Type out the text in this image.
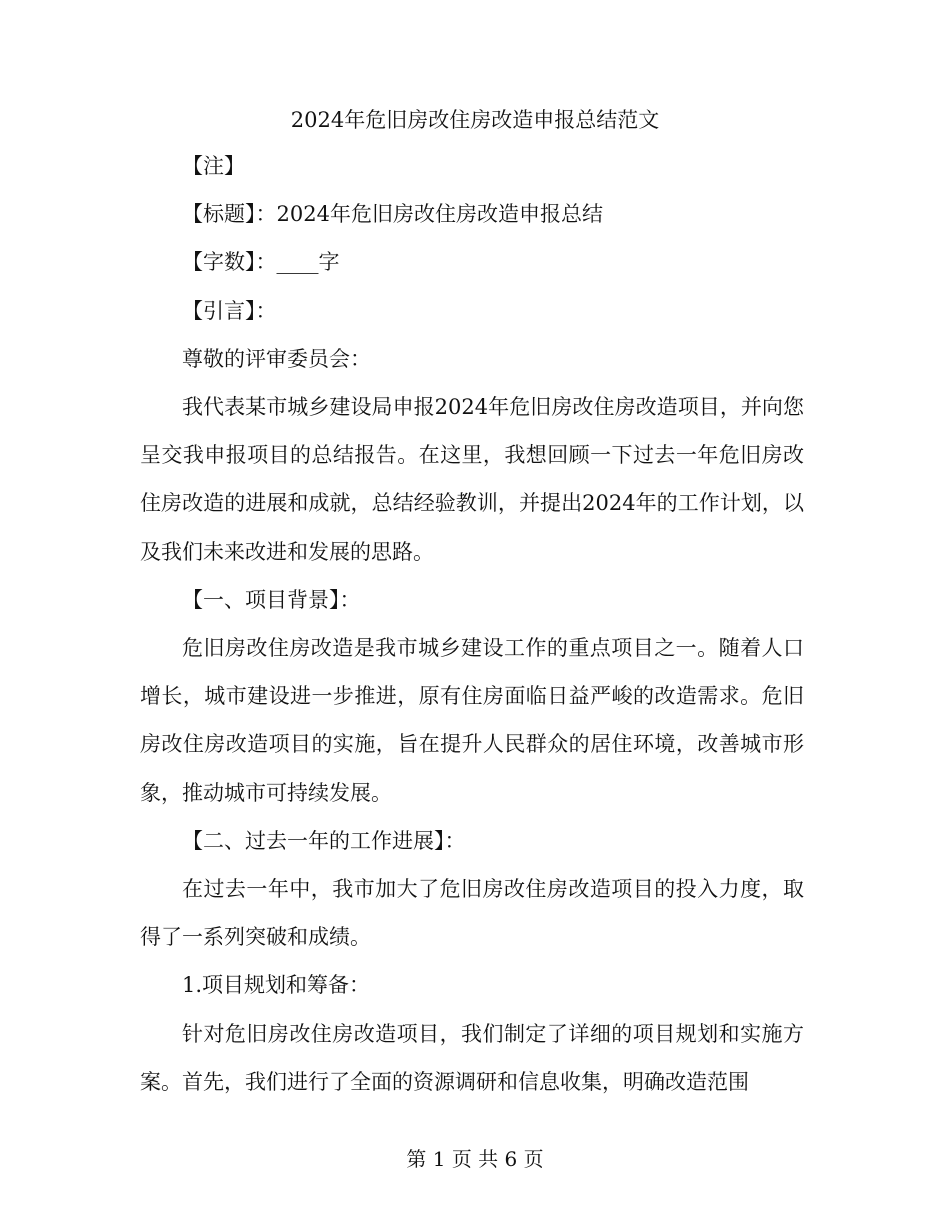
2024年危旧房改住房改造申报总结范文

【注】

【标题】：2024年危旧房改住房改造申报总结

【字数】：____字

【引言】：

尊敬的评审委员会：

我代表某市城乡建设局申报2024年危旧房改住房改造项目，并向您呈交我申报项目的总结报告。在这里，我想回顾一下过去一年危旧房改住房改造的进展和成就，总结经验教训，并提出2024年的工作计划，以及我们未来改进和发展的思路。

【一、项目背景】：

危旧房改住房改造是我市城乡建设工作的重点项目之一。随着人口增长，城市建设进一步推进，原有住房面临日益严峻的改造需求。危旧房改住房改造项目的实施，旨在提升人民群众的居住环境，改善城市形象，推动城市可持续发展。

【二、过去一年的工作进展】：

在过去一年中，我市加大了危旧房改住房改造项目的投入力度，取得了一系列突破和成绩。

1.项目规划和筹备：

针对危旧房改住房改造项目，我们制定了详细的项目规划和实施方案。首先，我们进行了全面的资源调研和信息收集，明确改造范围

第 1 页 共 6 页
